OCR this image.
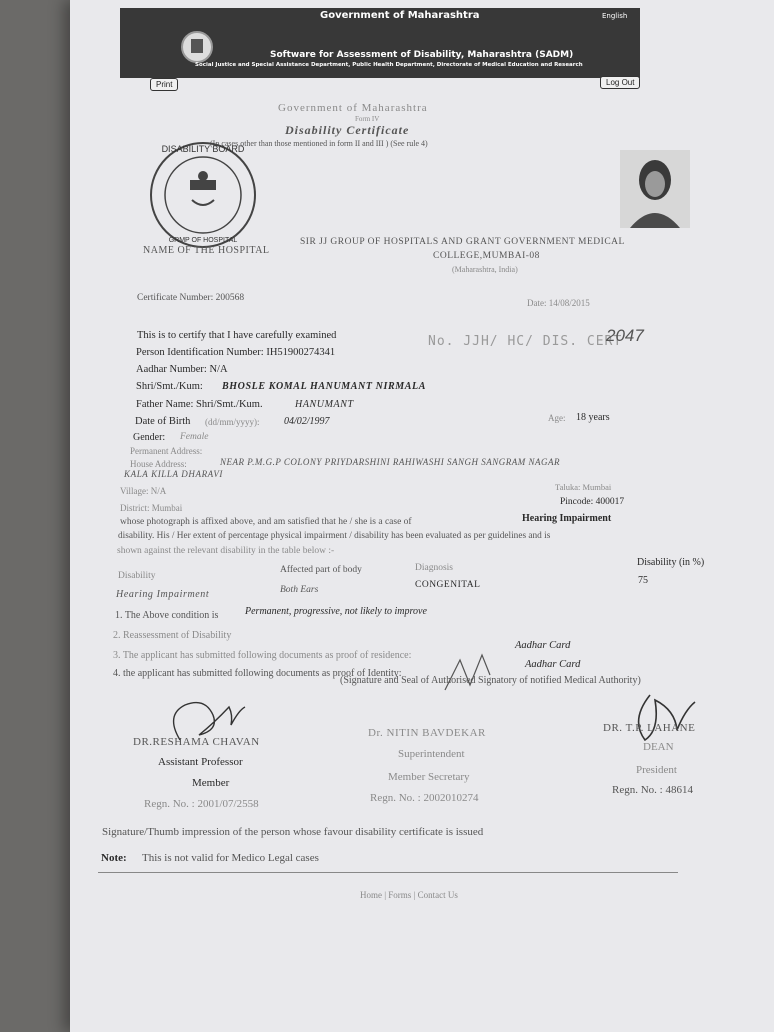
Government of Maharashtra	English
Software for Assessment of Disability, Maharashtra (SADM)
Social Justice and Special Assistance Department, Public Health Department, Directorate of Medical Education and Research
Print	Log Out
Government of Maharashtra
Form IV
Disability Certificate
(In cases other than those mentioned in form II and III ) (See rule 4)
DISABILITY BOARD
GRMP OF HOSPITAL
NAME OF THE HOSPITAL
SIR JJ GROUP OF HOSPITALS AND GRANT GOVERNMENT MEDICAL
COLLEGE,MUMBAI-08
(Maharashtra, India)
Certificate Number: 200568	Date: 14/08/2015
No. JJH/ HC/ DIS. CERT
2047
This is to certify that I have carefully examined
Person Identification Number: IH51900274341
Aadhar Number: N/A
Shri/Smt./Kum: BHOSLE KOMAL HANUMANT NIRMALA
Father Name: Shri/Smt./Kum.	HANUMANT
Date of Birth (dd/mm/yyyy): 04/02/1997	Age: 18 years
Gender: Female
Permanent Address:
House Address:	NEAR P.M.G.P COLONY PRIYDARSHINI RAHIWASHI SANGH SANGRAM NAGAR
KALA KILLA DHARAVI
Village: N/A	Taluka: Mumbai
District: Mumbai
Pincode: 400017
whose photograph is affixed above, and am satisfied that he / she is a case of	Hearing Impairment
disability. His / Her extent of percentage physical impairment / disability has been evaluated as per guidelines and is
shown against the relevant disability in the table below :-
Disability
Affected part of body	Diagnosis	Disability (in %)
Hearing Impairment	Both Ears	CONGENITAL	75
1. The Above condition is	Permanent, progressive, not likely to improve
2. Reassessment of Disability
3. The applicant has submitted following documents as proof of residence:
Aadhar Card
4. the applicant has submitted following documents as proof of Identity:
Aadhar Card
(Signature and Seal of Authorised Signatory of notified Medical Authority)
DR.RESHAMA CHAVAN
Assistant Professor
Member
Regn. No. : 2001/07/2558
Dr. NITIN BAVDEKAR
Superintendent
Member Secretary
Regn. No. : 2002010274
DR. T.P. LAHANE
DEAN
President
Regn. No. : 48614
Signature/Thumb impression of the person whose favour disability certificate is issued
Note: This is not valid for Medico Legal cases
Home | Forms | Contact Us
